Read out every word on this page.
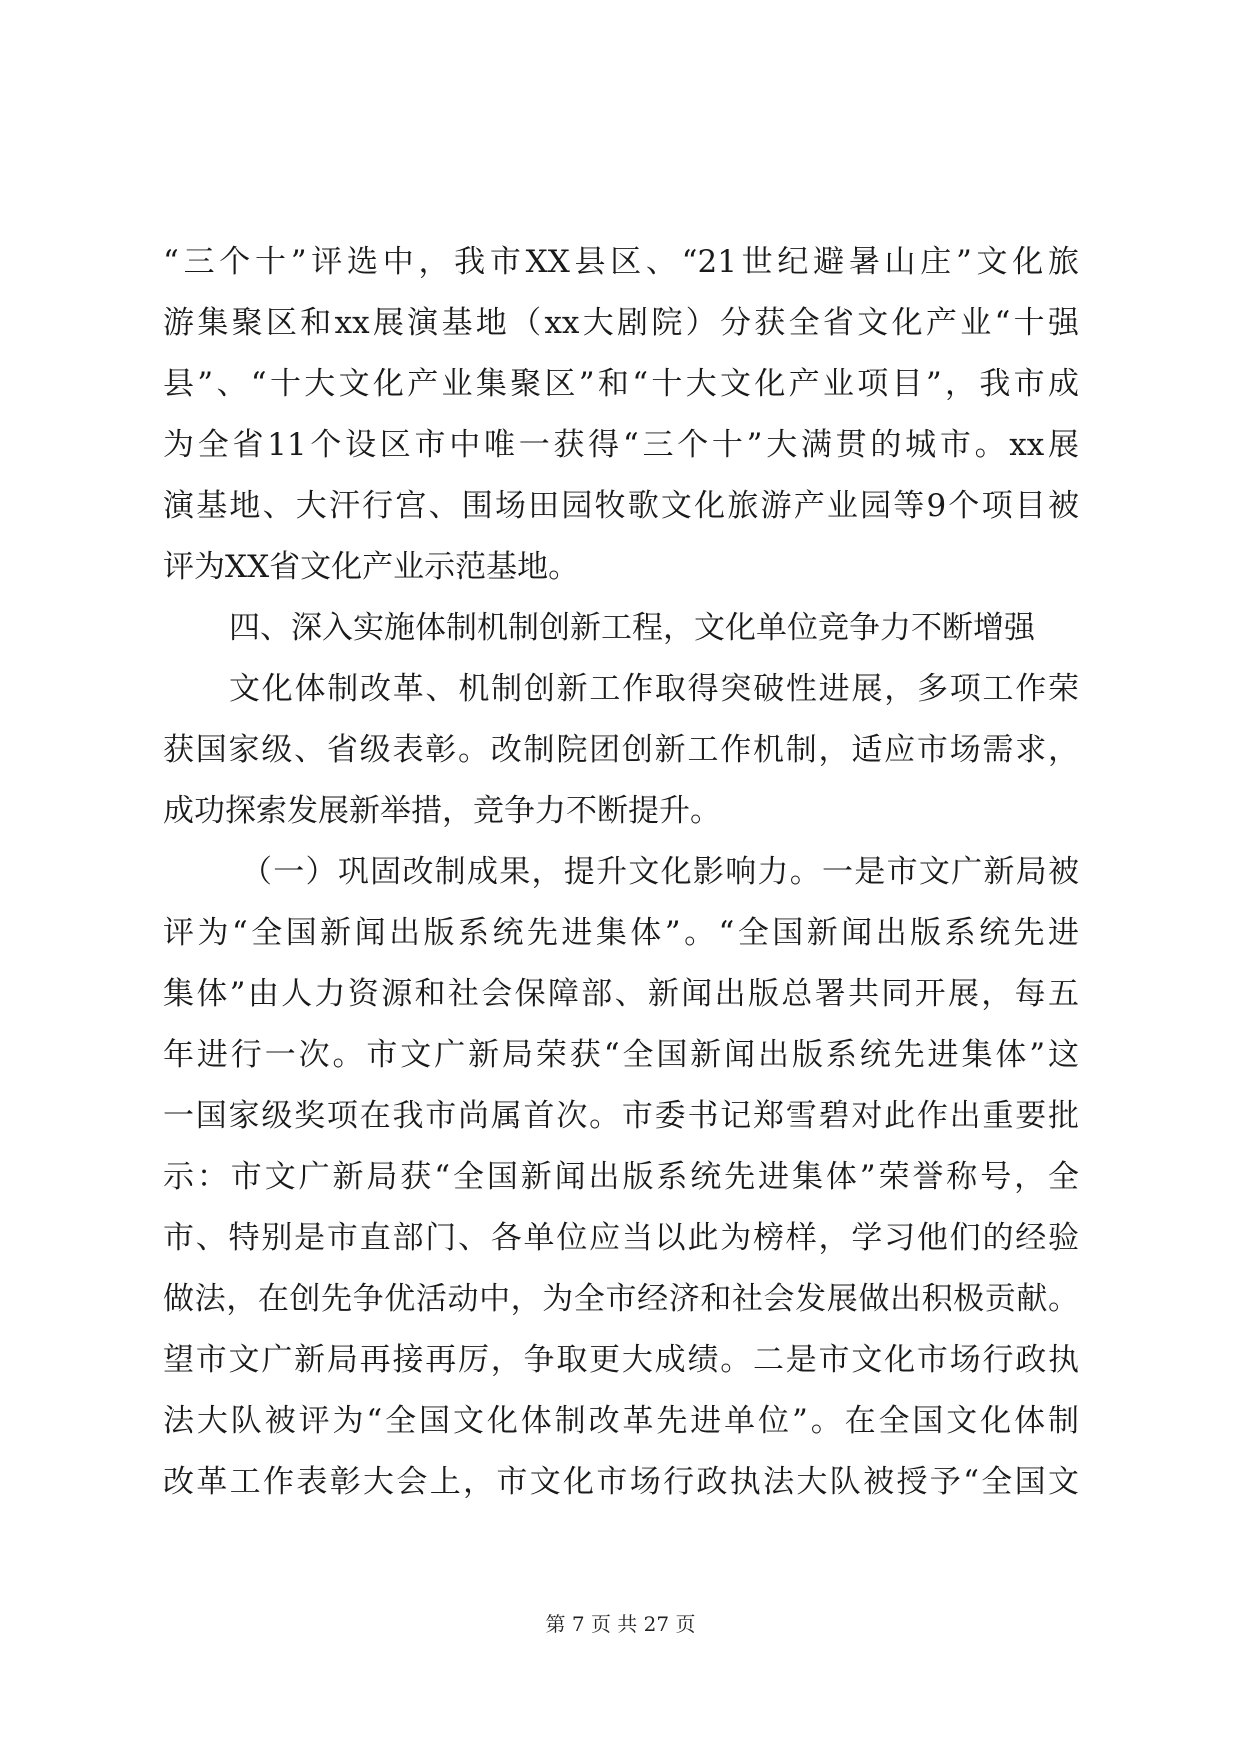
“三个十”评选中，我市XX县区、“21世纪避暑山庄”文化旅
游集聚区和xx展演基地（xx大剧院）分获全省文化产业“十强
县”、“十大文化产业集聚区”和“十大文化产业项目”，我市成
为全省11个设区市中唯一获得“三个十”大满贯的城市。xx展
演基地、大汗行宫、围场田园牧歌文化旅游产业园等9个项目被
评为XX省文化产业示范基地。
四、深入实施体制机制创新工程，文化单位竞争力不断增强
文化体制改革、机制创新工作取得突破性进展，多项工作荣
获国家级、省级表彰。改制院团创新工作机制，适应市场需求，
成功探索发展新举措，竞争力不断提升。
（一）巩固改制成果，提升文化影响力。一是市文广新局被
评为“全国新闻出版系统先进集体”。“全国新闻出版系统先进
集体”由人力资源和社会保障部、新闻出版总署共同开展，每五
年进行一次。市文广新局荣获“全国新闻出版系统先进集体”这
一国家级奖项在我市尚属首次。市委书记郑雪碧对此作出重要批
示：市文广新局获“全国新闻出版系统先进集体”荣誉称号，全
市、特别是市直部门、各单位应当以此为榜样，学习他们的经验
做法，在创先争优活动中，为全市经济和社会发展做出积极贡献。
望市文广新局再接再厉，争取更大成绩。二是市文化市场行政执
法大队被评为“全国文化体制改革先进单位”。在全国文化体制
改革工作表彰大会上，市文化市场行政执法大队被授予“全国文
第 7 页 共 27 页
